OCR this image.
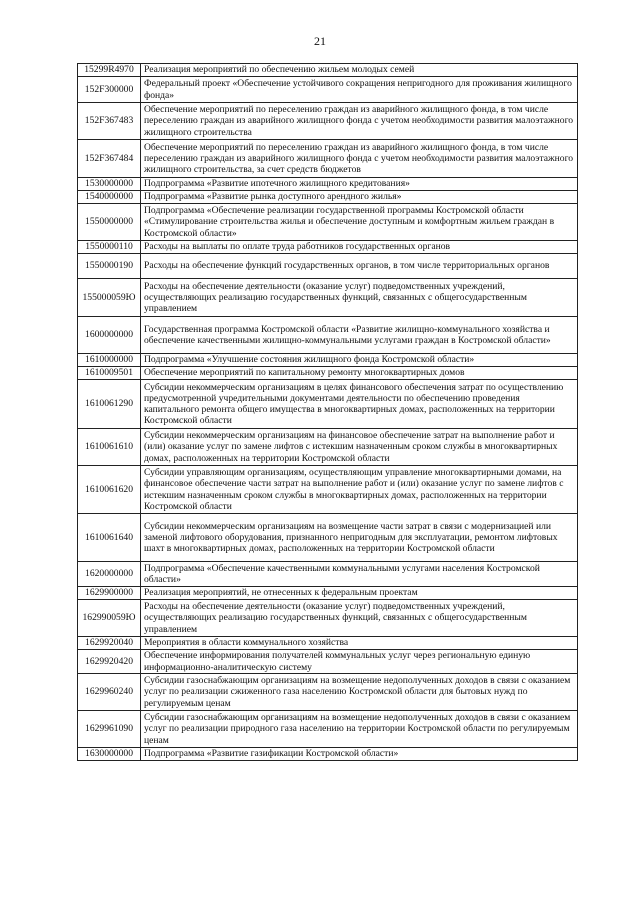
21
15299R4970	Реализация мероприятий по обеспечению жильем молодых семей
152F300000	Федеральный проект «Обеспечение устойчивого сокращения непригодного для проживания жилищного фонда»
152F367483	Обеспечение мероприятий по переселению граждан из аварийного жилищного фонда, в том числе переселению граждан из аварийного жилищного фонда с учетом необходимости развития малоэтажного жилищного строительства
152F367484	Обеспечение мероприятий по переселению граждан из аварийного жилищного фонда, в том числе переселению граждан из аварийного жилищного фонда с учетом необходимости развития малоэтажного жилищного строительства, за счет средств бюджетов
1530000000	Подпрограмма «Развитие ипотечного жилищного кредитования»
1540000000	Подпрограмма «Развитие рынка доступного арендного жилья»
1550000000	Подпрограмма «Обеспечение реализации государственной программы Костромской области «Стимулирование строительства жилья и обеспечение доступным и комфортным жильем граждан в Костромской области»
1550000110	Расходы на выплаты по оплате труда работников государственных органов
1550000190	Расходы на обеспечение функций государственных органов, в том числе территориальных органов
155000059Ю	Расходы на обеспечение деятельности (оказание услуг) подведомственных учреждений, осуществляющих реализацию государственных функций, связанных с общегосударственным управлением
1600000000	Государственная программа Костромской области «Развитие жилищно-коммунального хозяйства и обеспечение качественными жилищно-коммунальными услугами граждан в Костромской области»
1610000000	Подпрограмма «Улучшение состояния жилищного фонда Костромской области»
1610009501	Обеспечение мероприятий по капитальному ремонту многоквартирных домов
1610061290	Субсидии некоммерческим организациям в целях финансового обеспечения затрат по осуществлению предусмотренной учредительными документами деятельности по обеспечению проведения капитального ремонта общего имущества в многоквартирных домах, расположенных на территории Костромской области
1610061610	Субсидии некоммерческим организациям на финансовое обеспечение затрат на выполнение работ и (или) оказание услуг по замене лифтов с истекшим назначенным сроком службы в многоквартирных домах, расположенных на территории Костромской области
1610061620	Субсидии управляющим организациям, осуществляющим управление многоквартирными домами, на финансовое обеспечение части затрат на выполнение работ и (или) оказание услуг по замене лифтов с истекшим назначенным сроком службы в многоквартирных домах, расположенных на территории Костромской области
1610061640	Субсидии некоммерческим организациям на возмещение части затрат в связи с модернизацией или заменой лифтового оборудования, признанного непригодным для эксплуатации, ремонтом лифтовых шахт в многоквартирных домах, расположенных на территории Костромской области
1620000000	Подпрограмма «Обеспечение качественными коммунальными услугами населения Костромской области»
1629900000	Реализация мероприятий, не отнесенных к федеральным проектам
162990059Ю	Расходы на обеспечение деятельности (оказание услуг) подведомственных учреждений, осуществляющих реализацию государственных функций, связанных с общегосударственным управлением
1629920040	Мероприятия в области коммунального хозяйства
1629920420	Обеспечение информирования получателей коммунальных услуг через региональную единую информационно-аналитическую систему
1629960240	Субсидии газоснабжающим организациям на возмещение недополученных доходов в связи с оказанием услуг по реализации сжиженного газа населению Костромской области для бытовых нужд по регулируемым ценам
1629961090	Субсидии газоснабжающим организациям на возмещение недополученных доходов в связи с оказанием услуг по реализации природного газа населению на территории Костромской области по регулируемым ценам
1630000000	Подпрограмма «Развитие газификации Костромской области»
